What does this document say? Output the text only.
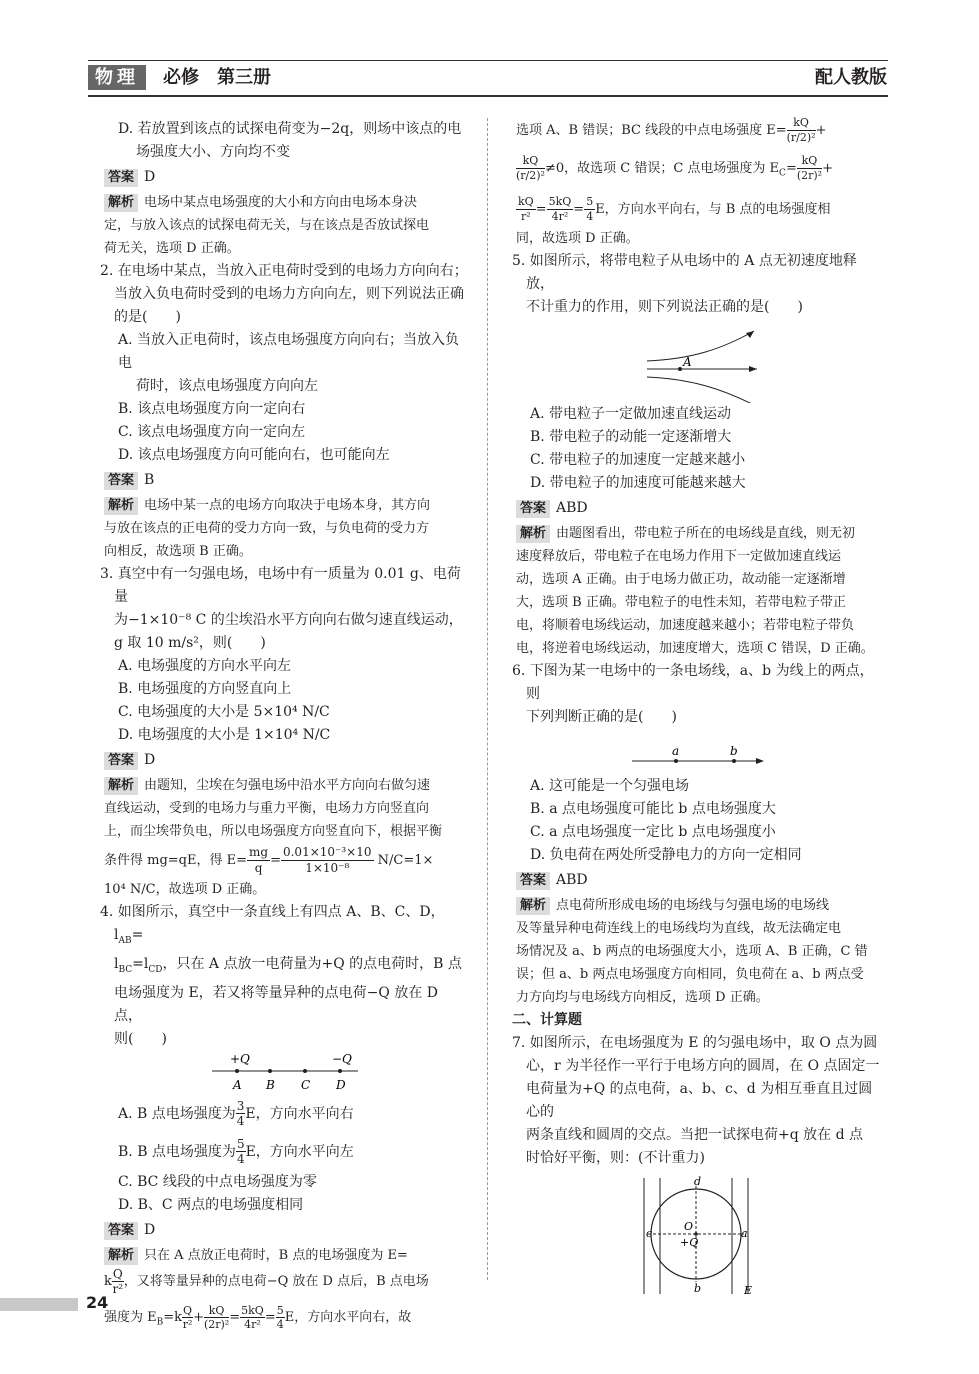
物理	必修　第三册	配人教版

D. 若放置到该点的试探电荷变为−2q，则场中该点的电

场强度大小、方向均不变

答案 D

解析 电场中某点电场强度的大小和方向由电场本身决
定，与放入该点的试探电荷无关，与在该点是否放试探电
荷无关，选项 D 正确。

2. 在电场中某点，当放入正电荷时受到的电场力方向向右；
当放入负电荷时受到的电场力方向向左，则下列说法正确
的是(　　)

A. 当放入正电荷时，该点电场强度方向向右；当放入负电

荷时，该点电场强度方向向左

B. 该点电场强度方向一定向右

C. 该点电场强度方向一定向左

D. 该点电场强度方向可能向右，也可能向左

答案 B

解析 电场中某一点的电场方向取决于电场本身，其方向
与放在该点的正电荷的受力方向一致，与负电荷的受力方
向相反，故选项 B 正确。

3. 真空中有一匀强电场，电场中有一质量为 0.01 g、电荷量
为−1×10⁻⁸ C 的尘埃沿水平方向向右做匀速直线运动，
g 取 10 m/s²，则(　　)

A. 电场强度的方向水平向左

B. 电场强度的方向竖直向上

C. 电场强度的大小是 5×10⁴ N/C

D. 电场强度的大小是 1×10⁴ N/C

答案 D

解析 由题知，尘埃在匀强电场中沿水平方向向右做匀速
直线运动，受到的电场力与重力平衡，电场力方向竖直向
上，而尘埃带负电，所以电场强度方向竖直向下，根据平衡

条件得 mg=qE，得 $E= \frac{mg}{q} = \frac{\text{0.01×10⁻³×10}}{\text{1×10⁻⁸}} N/C=1\times$

10⁴ N/C，故选项 D 正确。

4. 如图所示，真空中一条直线上有四点 A、B、C、D，$l_{AB}=$
$l_{BC}=l_{CD}$，只在 A 点放一电荷量为+Q 的点电荷时，B 点
电场强度为 E，若又将等量异种的点电荷−Q 放在 D 点，
则(　　)

+Q	−Q
A B C D

A. B 点电场强度为 $\frac{3}{4}$ E，方向水平向右

B. B 点电场强度为 $\frac{5}{4}$ E，方向水平向左

C. BC 线段的中点电场强度为零

D. B、C 两点的电场强度相同

答案 D

解析 只在 A 点放正电荷时，B 点的电场强度为 E=

k $\frac{Q}{\text{r²}}$ ，又将等量异种的点电荷−Q 放在 D 点后，B 点电场

强度为 $E_B=k \frac{Q}{\text{r²}} + \frac{kQ}{\text{(2r)²}} = \frac{5kQ}{\text{4r²}} = \frac{5}{4}$ E，方向水平向右，故

选项 A、B 错误；BC 线段的中点电场强度 $E= \frac{kQ}{\text{(r/2)²}}$ +

$\frac{kQ}{\text{(r/2)²}} \ne 0$，故选项 C 错误；C 点电场强度为 $E_C= \frac{kQ}{\text{(2r)²}}$ +

$\frac{kQ}{\text{r²}} = \frac{5kQ}{\text{4r²}} = \frac{5}{4}$ E，方向水平向右，与 B 点的电场强度相

同，故选项 D 正确。

5. 如图所示，将带电粒子从电场中的 A 点无初速度地释放，
不计重力的作用，则下列说法正确的是(　　)

A

A. 带电粒子一定做加速直线运动

B. 带电粒子的动能一定逐渐增大

C. 带电粒子的加速度一定越来越小

D. 带电粒子的加速度可能越来越大

答案 ABD

解析 由题图看出，带电粒子所在的电场线是直线，则无初
速度释放后，带电粒子在电场力作用下一定做加速直线运
动，选项 A 正确。由于电场力做正功，故动能一定逐渐增
大，选项 B 正确。带电粒子的电性未知，若带电粒子带正
电，将顺着电场线运动，加速度越来越小；若带电粒子带负
电，将逆着电场线运动，加速度增大，选项 C 错误，D 正确。

6. 下图为某一电场中的一条电场线，a、b 为线上的两点，则
下列判断正确的是(　　)

a	b

A. 这可能是一个匀强电场

B. a 点电场强度可能比 b 点电场强度大

C. a 点电场强度一定比 b 点电场强度小

D. 负电荷在两处所受静电力的方向一定相同

答案 ABD

解析 点电荷所形成电场的电场线与匀强电场的电场线
及等量异种电荷连线上的电场线均为直线，故无法确定电
场情况及 a、b 两点的电场强度大小，选项 A、B 正确，C 错
误；但 a、b 两点电场强度方向相同，负电荷在 a、b 两点受
力方向均与电场线方向相反，选项 D 正确。

二、计算题

7. 如图所示，在电场强度为 E 的匀强电场中，取 O 点为圆
心，r 为半径作一平行于电场方向的圆周，在 O 点固定一
电荷量为+Q 的点电荷，a、b、c、d 为相互垂直且过圆心的
两条直线和圆周的交点。当把一试探电荷+q 放在 d 点
时恰好平衡，则：(不计重力)

d
b
c	a
O
+Q
E
24
